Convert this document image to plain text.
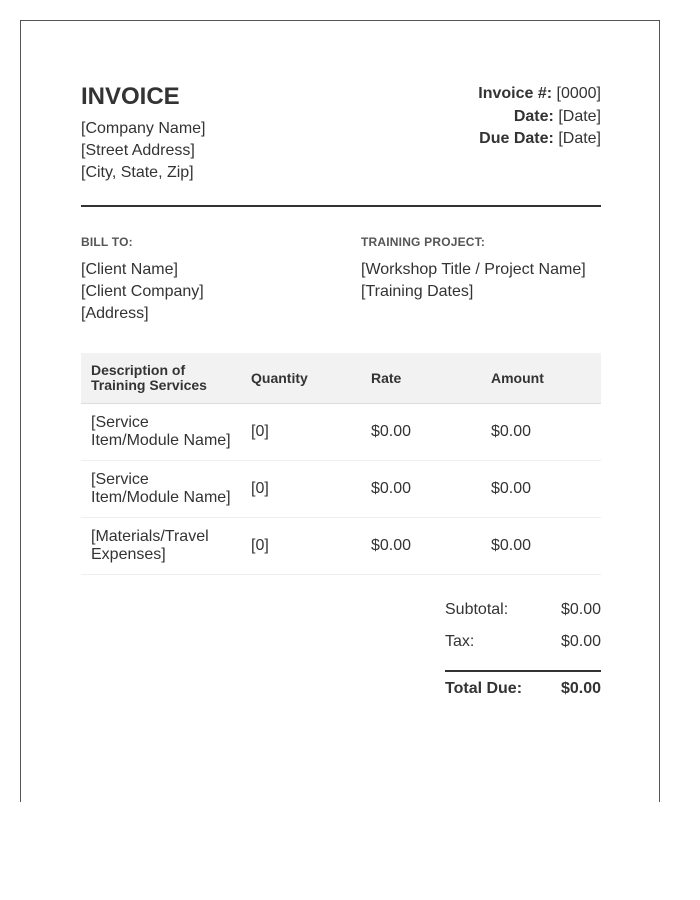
INVOICE
[Company Name]
[Street Address]
[City, State, Zip]
Invoice #: [0000]
Date: [Date]
Due Date: [Date]
BILL TO:
[Client Name]
[Client Company]
[Address]
TRAINING PROJECT:
[Workshop Title / Project Name]
[Training Dates]
Description of Training Services	Quantity	Rate	Amount
[Service Item/Module Name]	[0]	$0.00	$0.00
[Service Item/Module Name]	[0]	$0.00	$0.00
[Materials/Travel Expenses]	[0]	$0.00	$0.00
Subtotal:	$0.00
Tax:	$0.00
Total Due: $0.00
